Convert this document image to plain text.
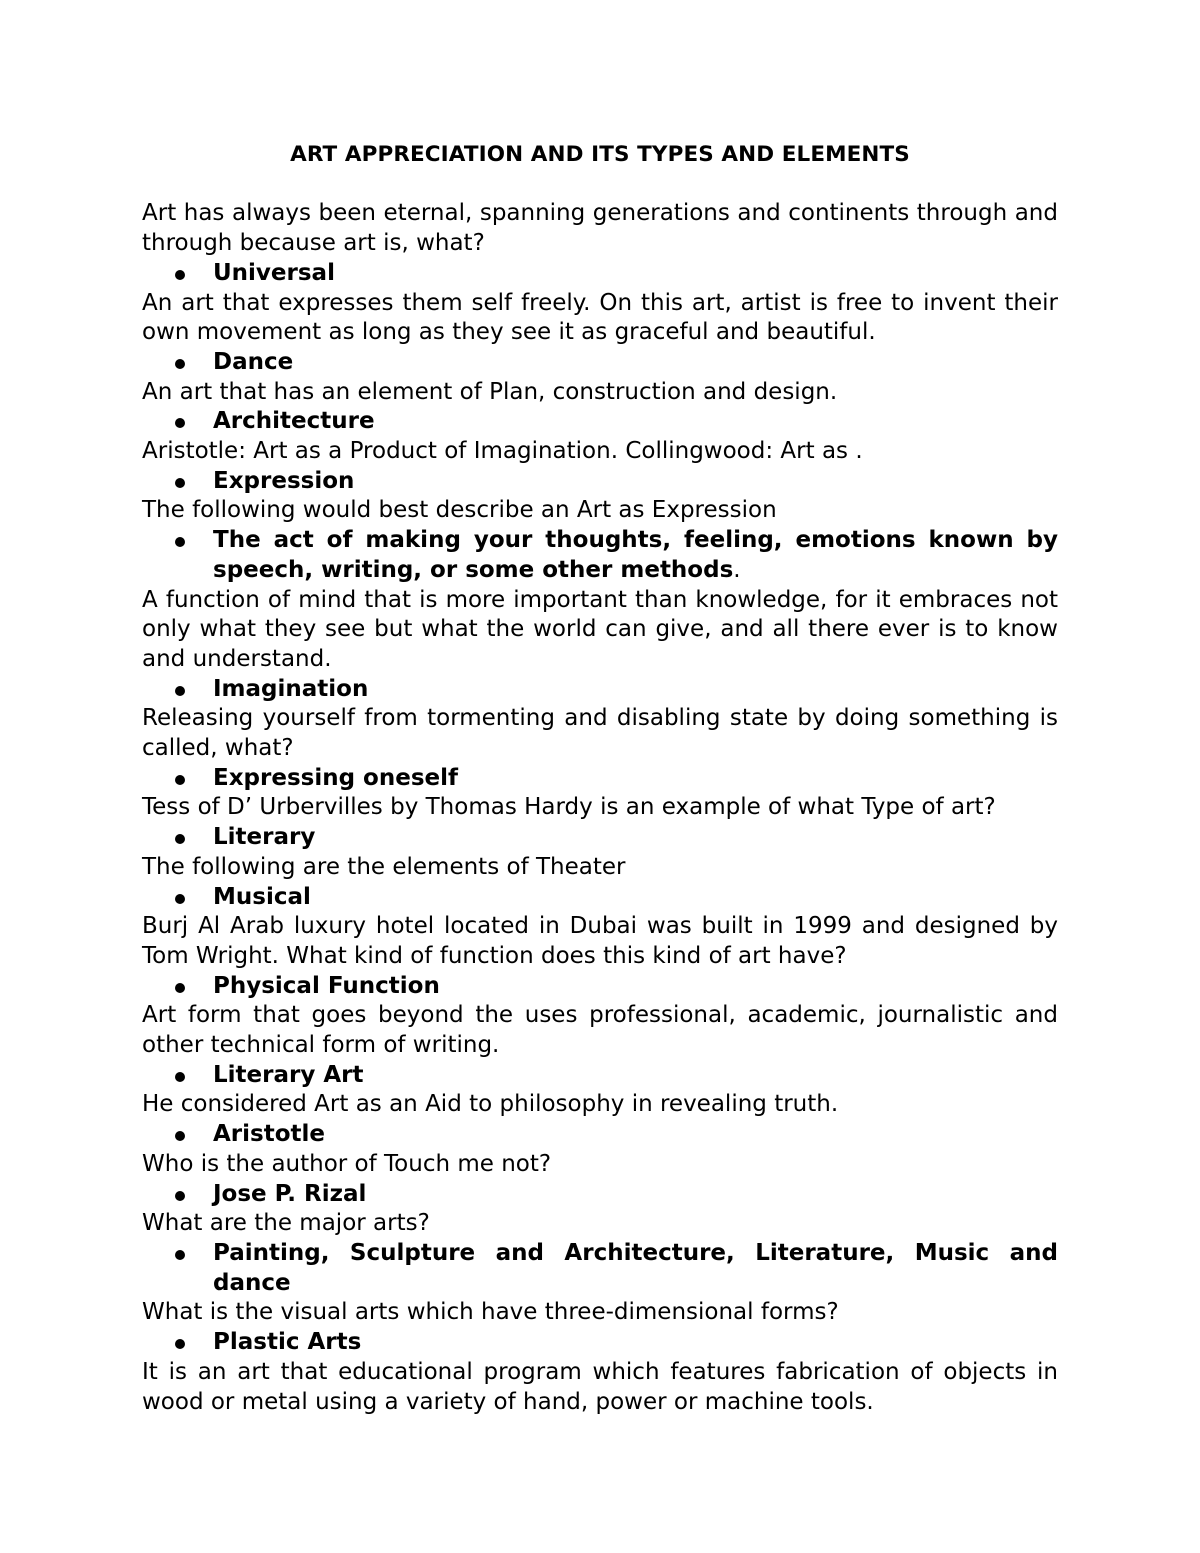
ART APPRECIATION AND ITS TYPES AND ELEMENTS

Art has always been eternal, spanning generations and continents through and through because art is, what?

Universal

An art that expresses them self freely. On this art, artist is free to invent their own movement as long as they see it as graceful and beautiful.

Dance

An art that has an element of Plan, construction and design.

Architecture

Aristotle: Art as a Product of Imagination. Collingwood: Art as .

Expression

The following would best describe an Art as Expression

The act of making your thoughts, feeling, emotions known by speech, writing, or some other methods.

A function of mind that is more important than knowledge, for it embraces not only what they see but what the world can give, and all there ever is to know and understand.

Imagination

Releasing yourself from tormenting and disabling state by doing something is called, what?

Expressing oneself

Tess of D’ Urbervilles by Thomas Hardy is an example of what Type of art?

Literary

The following are the elements of Theater

Musical

Burj Al Arab luxury hotel located in Dubai was built in 1999 and designed by Tom Wright. What kind of function does this kind of art have?

Physical Function

Art form that goes beyond the uses professional, academic, journalistic and other technical form of writing.

Literary Art

He considered Art as an Aid to philosophy in revealing truth.

Aristotle

Who is the author of Touch me not?

Jose P. Rizal

What are the major arts?

Painting, Sculpture and Architecture, Literature, Music and dance

What is the visual arts which have three-dimensional forms?

Plastic Arts

It is an art that educational program which features fabrication of objects in wood or metal using a variety of hand, power or machine tools.
